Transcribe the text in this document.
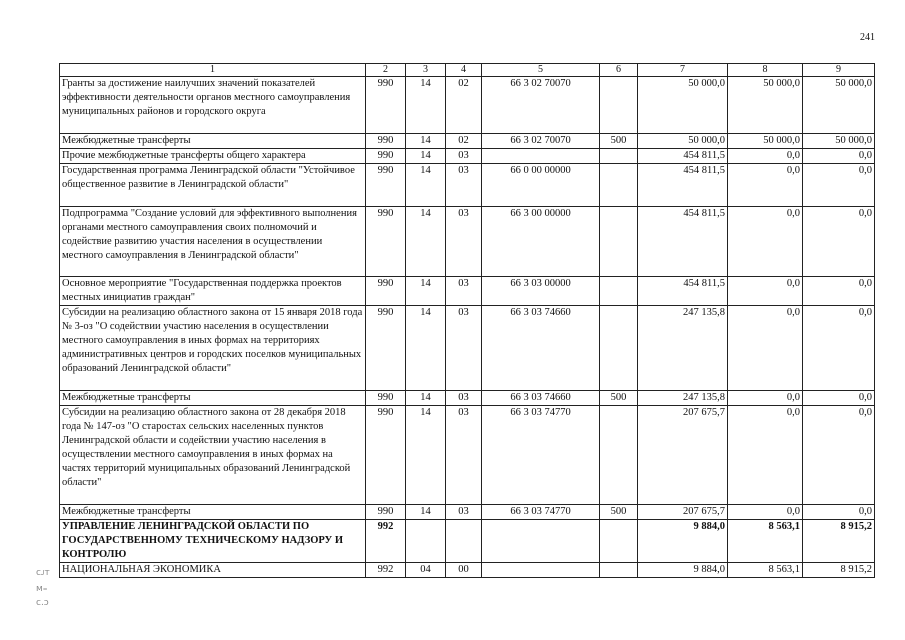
241
1	2	3	4	5	6	7	8	9
Гранты за достижение наилучших значений показателей эффективности деятельности органов местного самоуправления муниципальных районов и городского округа	990	14	02	66 3 02 70070		50 000,0	50 000,0	50 000,0
Межбюджетные трансферты	990	14	02	66 3 02 70070	500	50 000,0	50 000,0	50 000,0
Прочие межбюджетные трансферты общего характера	990	14	03			454 811,5	0,0	0,0
Государственная программа Ленинградской области "Устойчивое общественное развитие в Ленинградской области"	990	14	03	66 0 00 00000		454 811,5	0,0	0,0
Подпрограмма "Создание условий для эффективного выполнения органами местного самоуправления своих полномочий и содействие развитию участия населения в осуществлении местного самоуправления в Ленинградской области"	990	14	03	66 3 00 00000		454 811,5	0,0	0,0
Основное мероприятие "Государственная поддержка проектов местных инициатив граждан"	990	14	03	66 3 03 00000		454 811,5	0,0	0,0
Субсидии на реализацию областного закона от 15 января 2018 года № 3-оз "О содействии участию населения в осуществлении местного самоуправления в иных формах на территориях административных центров и городских поселков муниципальных образований Ленинградской области"	990	14	03	66 3 03 74660		247 135,8	0,0	0,0
Межбюджетные трансферты	990	14	03	66 3 03 74660	500	247 135,8	0,0	0,0
Субсидии на реализацию областного закона от 28 декабря 2018 года № 147-оз "О старостах сельских населенных пунктов Ленинградской области и содействии участию населения в осуществлении местного самоуправления в иных формах на частях территорий муниципальных образований Ленинградской области"	990	14	03	66 3 03 74770		207 675,7	0,0	0,0
Межбюджетные трансферты	990	14	03	66 3 03 74770	500	207 675,7	0,0	0,0
УПРАВЛЕНИЕ ЛЕНИНГРАДСКОЙ ОБЛАСТИ ПО ГОСУДАРСТВЕННОМУ ТЕХНИЧЕСКОМУ НАДЗОРУ И КОНТРОЛЮ	992					9 884,0	8 563,1	8 915,2
НАЦИОНАЛЬНАЯ ЭКОНОМИКА	992	04	00			9 884,0	8 563,1	8 915,2
ᴄᴊᴛ
ᴍ₌
ᴄ.ɔ
